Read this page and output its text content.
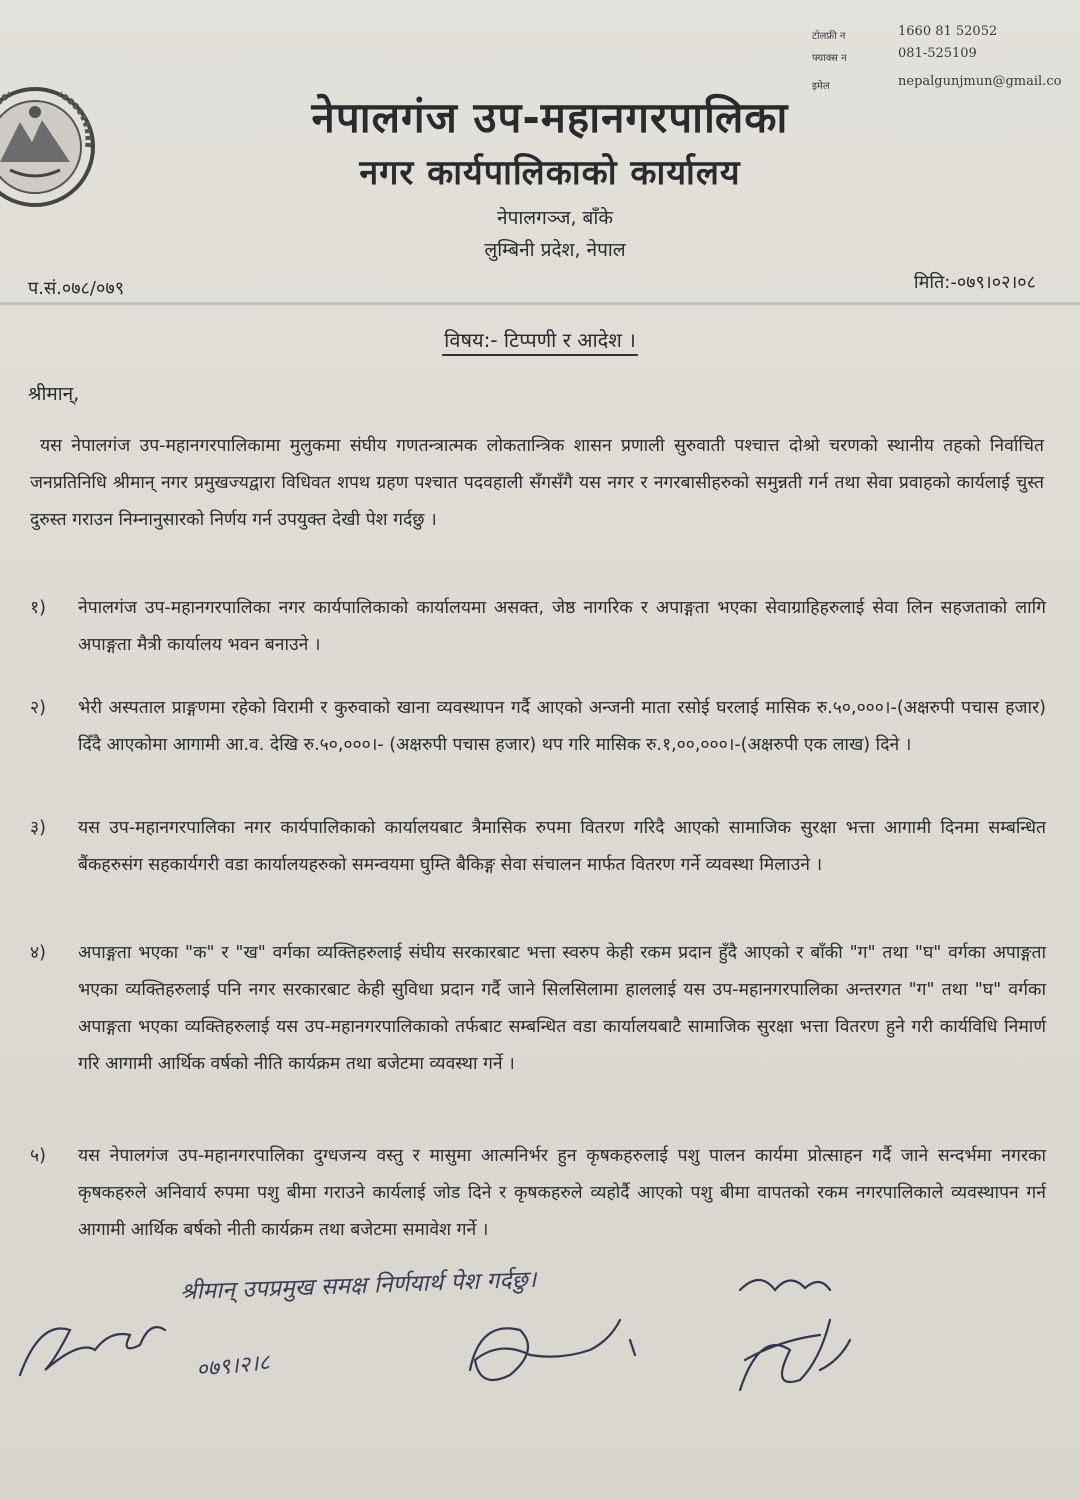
टोलफ्री न	1660 81 52052
फ्याक्स न	081-525109
इमेल	nepalgunjmun@gmail.co
नेपालगंज उप-महानगरपालिका
नगर कार्यपालिकाको कार्यालय
नेपालगञ्ज, बाँके
लुम्बिनी प्रदेश, नेपाल
प.सं.०७८/०७९	मिति:-०७९।०२।०८
विषय:- टिप्पणी र आदेश ।
श्रीमान्,
यस नेपालगंज उप-महानगरपालिकामा मुलुकमा संघीय गणतन्त्रात्मक लोकतान्त्रिक शासन प्रणाली सुरुवाती पश्चात्त दोश्रो चरणको स्थानीय तहको निर्वाचित जनप्रतिनिधि श्रीमान् नगर प्रमुखज्यद्वारा विधिवत शपथ ग्रहण पश्चात पदवहाली सँगसँगै यस नगर र नगरबासीहरुको समुन्नती गर्न तथा सेवा प्रवाहको कार्यलाई चुस्त दुरुस्त गराउन निम्नानुसारको निर्णय गर्न उपयुक्त देखी पेश गर्दछु ।
१)	नेपालगंज उप-महानगरपालिका नगर कार्यपालिकाको कार्यालयमा असक्त, जेष्ठ नागरिक र अपाङ्गता भएका सेवाग्राहिहरुलाई सेवा लिन सहजताको लागि अपाङ्गता मैत्री कार्यालय भवन बनाउने ।
२)	भेरी अस्पताल प्राङ्गणमा रहेको विरामी र कुरुवाको खाना व्यवस्थापन गर्दै आएको अन्जनी माता रसोई घरलाई मासिक रु.५०,०००।-(अक्षरुपी पचास हजार) दिँदै आएकोमा आगामी आ.व. देखि रु.५०,०००।- (अक्षरुपी पचास हजार) थप गरि मासिक रु.१,००,०००।-(अक्षरुपी एक लाख) दिने ।
३)	यस उप-महानगरपालिका नगर कार्यपालिकाको कार्यालयबाट त्रैमासिक रुपमा वितरण गरिदै आएको सामाजिक सुरक्षा भत्ता आगामी दिनमा सम्बन्धित बैंकहरुसंग सहकार्यगरी वडा कार्यालयहरुको समन्वयमा घुम्ति बैकिङ्ग सेवा संचालन मार्फत वितरण गर्ने व्यवस्था मिलाउने ।
४)	अपाङ्गता भएका "क" र "ख" वर्गका व्यक्तिहरुलाई संघीय सरकारबाट भत्ता स्वरुप केही रकम प्रदान हुँदै आएको र बाँकी "ग" तथा "घ" वर्गका अपाङ्गता भएका व्यक्तिहरुलाई पनि नगर सरकारबाट केही सुविधा प्रदान गर्दै जाने सिलसिलामा हाललाई यस उप-महानगरपालिका अन्तरगत "ग" तथा "घ" वर्गका अपाङ्गता भएका व्यक्तिहरुलाई यस उप-महानगरपालिकाको तर्फबाट सम्बन्धित वडा कार्यालयबाटै सामाजिक सुरक्षा भत्ता वितरण हुने गरी कार्यविधि निमार्ण गरि आगामी आर्थिक वर्षको नीति कार्यक्रम तथा बजेटमा व्यवस्था गर्ने ।
५)	यस नेपालगंज उप-महानगरपालिका दुग्धजन्य वस्तु र मासुमा आत्मनिर्भर हुन कृषकहरुलाई पशु पालन कार्यमा प्रोत्साहन गर्दै जाने सन्दर्भमा नगरका कृषकहरुले अनिवार्य रुपमा पशु बीमा गराउने कार्यलाई जोड दिने र कृषकहरुले व्यहोर्दै आएको पशु बीमा वापतको रकम नगरपालिकाले व्यवस्थापन गर्न आगामी आर्थिक बर्षको नीती कार्यक्रम तथा बजेटमा समावेश गर्ने ।
श्रीमान् उपप्रमुख समक्ष निर्णयार्थ पेश गर्दछु।
०७९।२।८
